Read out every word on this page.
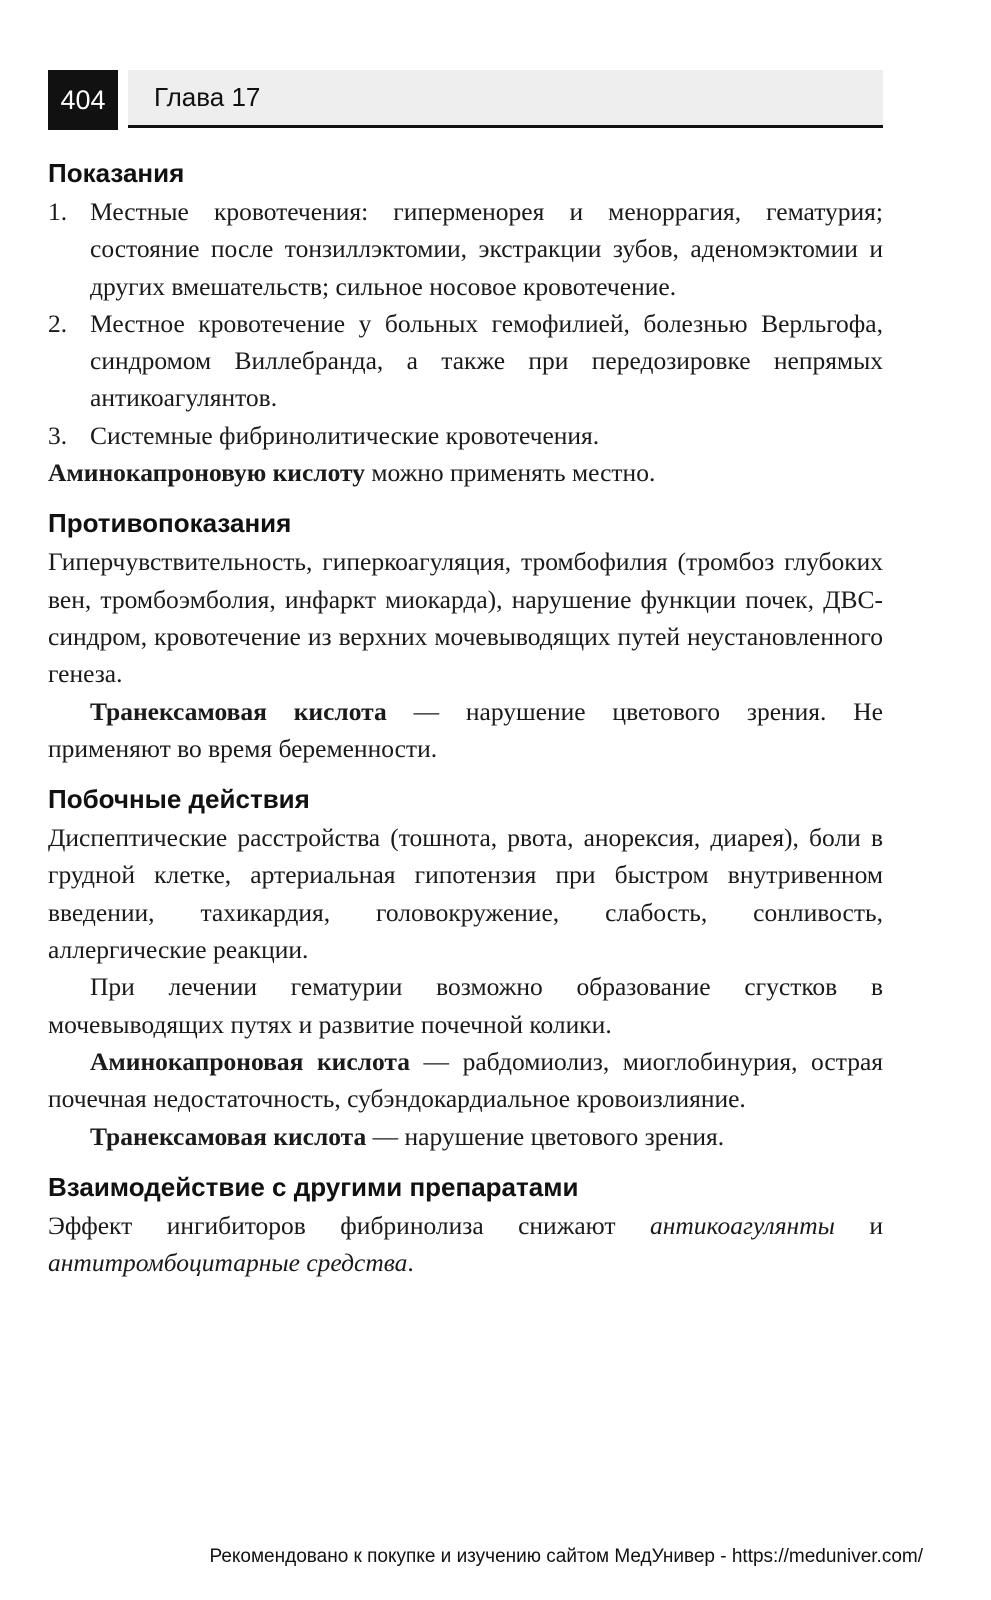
404	Глава 17
Показания
1. Местные кровотечения: гиперменорея и меноррагия, гематурия; состояние после тонзиллэктомии, экстракции зубов, аденомэктомии и других вмешательств; сильное носовое кровотечение.
2. Местное кровотечение у больных гемофилией, болезнью Верльгофа, синдромом Виллебранда, а также при передозировке непрямых антикоагулянтов.
3. Системные фибринолитические кровотечения.

Аминокапроновую кислоту можно применять местно.

Противопоказания

Гиперчувствительность, гиперкоагуляция, тромбофилия (тромбоз глубоких вен, тромбоэмболия, инфаркт миокарда), нарушение функции почек, ДВС-синдром, кровотечение из верхних мочевыводящих путей неустановленного генеза.

Транексамовая кислота — нарушение цветового зрения. Не применяют во время беременности.

Побочные действия

Диспептические расстройства (тошнота, рвота, анорексия, диарея), боли в грудной клетке, артериальная гипотензия при быстром внутривенном введении, тахикардия, головокружение, слабость, сонливость, аллергические реакции.

При лечении гематурии возможно образование сгустков в мочевыводящих путях и развитие почечной колики.

Аминокапроновая кислота — рабдомиолиз, миоглобинурия, острая почечная недостаточность, субэндокардиальное кровоизлияние.

Транексамовая кислота — нарушение цветового зрения.

Взаимодействие с другими препаратами

Эффект ингибиторов фибринолиза снижают антикоагулянты и антитромбоцитарные средства.

Рекомендовано к покупке и изучению сайтом МедУнивер - https://meduniver.com/
